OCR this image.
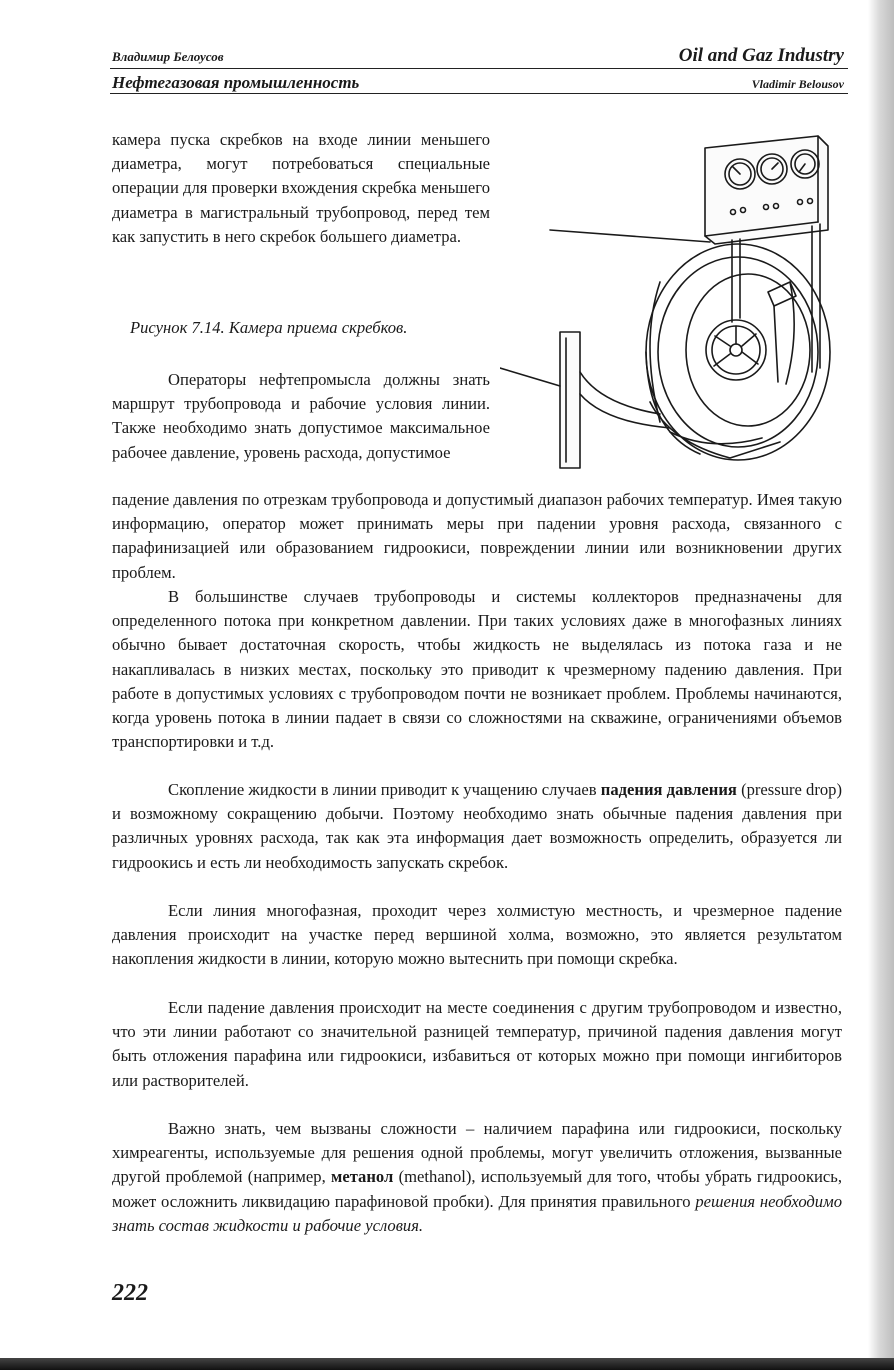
Владимир Белоусов	Oil and Gaz Industry
Нефтегазовая промышленность	Vladimir Belousov

камера пуска скребков на входе линии меньшего диаметра, могут потребоваться специальные операции для проверки вхождения скребка меньшего диаметра в магистральный трубопровод, перед тем как запустить в него скребок большего диаметра.

Рисунок 7.14. Камера приема скребков.

Операторы нефтепромысла должны знать маршрут трубопровода и рабочие условия линии. Также необходимо знать допустимое максимальное рабочее давление, уровень расхода, допустимое

падение давления по отрезкам трубопровода и допустимый диапазон рабочих температур. Имея такую информацию, оператор может принимать меры при падении уровня расхода, связанного с парафинизацией или образованием гидроокиси, повреждении линии или возникновении других проблем.

В большинстве случаев трубопроводы и системы коллекторов предназначены для определенного потока при конкретном давлении. При таких условиях даже в многофазных линиях обычно бывает достаточная скорость, чтобы жидкость не выделялась из потока газа и не накапливалась в низких местах, поскольку это приводит к чрезмерному падению давления. При работе в допустимых условиях с трубопроводом почти не возникает проблем. Проблемы начинаются, когда уровень потока в линии падает в связи со сложностями на скважине, ограничениями объемов транспортировки и т.д.

Скопление жидкости в линии приводит к учащению случаев падения давления (pressure drop) и возможному сокращению добычи. Поэтому необходимо знать обычные падения давления при различных уровнях расхода, так как эта информация дает возможность определить, образуется ли гидроокись и есть ли необходимость запускать скребок.

Если линия многофазная, проходит через холмистую местность, и чрезмерное падение давления происходит на участке перед вершиной холма, возможно, это является результатом накопления жидкости в линии, которую можно вытеснить при помощи скребка.

Если падение давления происходит на месте соединения с другим трубопроводом и известно, что эти линии работают со значительной разницей температур, причиной падения давления могут быть отложения парафина или гидроокиси, избавиться от которых можно при помощи ингибиторов или растворителей.

Важно знать, чем вызваны сложности – наличием парафина или гидроокиси, поскольку химреагенты, используемые для решения одной проблемы, могут увеличить отложения, вызванные другой проблемой (например, метанол (methanol), используемый для того, чтобы убрать гидроокись, может осложнить ликвидацию парафиновой пробки). Для принятия правильного решения необходимо знать состав жидкости и рабочие условия.

222
